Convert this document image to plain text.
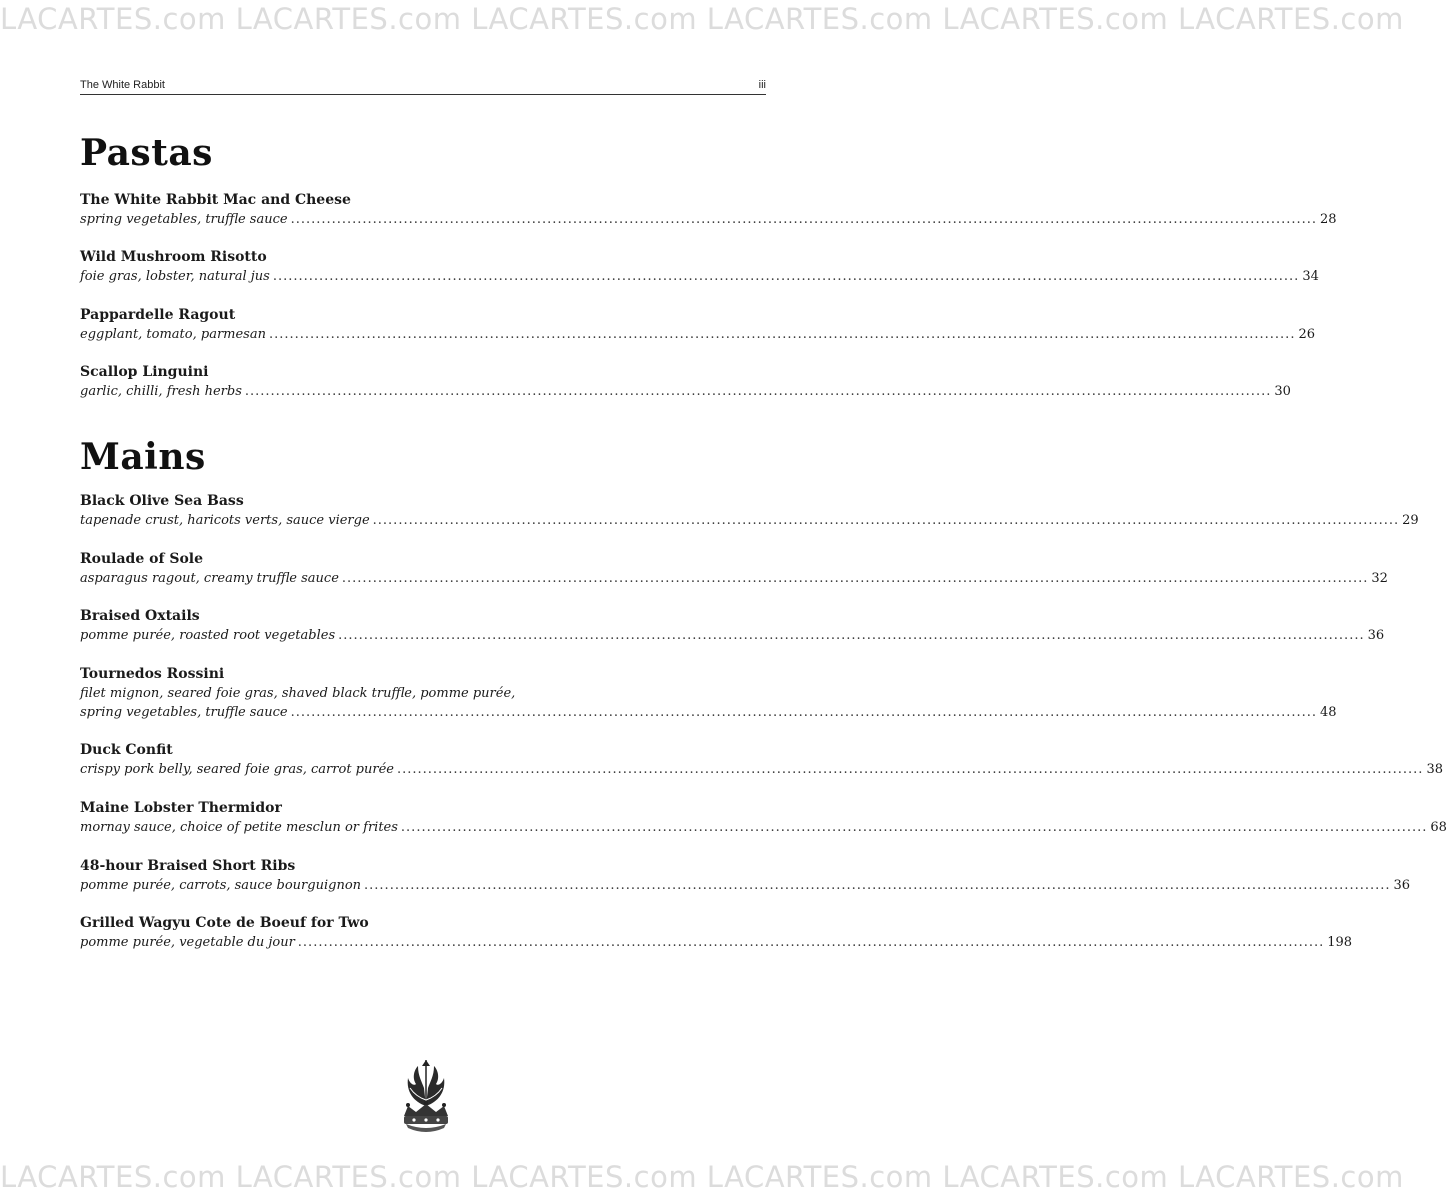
LACARTES.com LACARTES.com LACARTES.com LACARTES.com LACARTES.com LACARTES.com
LACARTES.com LACARTES.com LACARTES.com LACARTES.com LACARTES.com LACARTES.com
The White Rabbit	iii
Pastas
The White Rabbit Mac and Cheese
spring vegetables, truffle sauce ........................................................................................................................................................................................................ 28
Wild Mushroom Risotto
foie gras, lobster, natural jus ........................................................................................................................................................................................................ 34
Pappardelle Ragout
eggplant, tomato, parmesan ........................................................................................................................................................................................................ 26
Scallop Linguini
garlic, chilli, fresh herbs ........................................................................................................................................................................................................ 30
Mains
Black Olive Sea Bass
tapenade crust, haricots verts, sauce vierge ........................................................................................................................................................................................................ 29
Roulade of Sole
asparagus ragout, creamy truffle sauce ........................................................................................................................................................................................................ 32
Braised Oxtails
pomme purée, roasted root vegetables ........................................................................................................................................................................................................ 36
Tournedos Rossini
filet mignon, seared foie gras, shaved black truffle, pomme purée,
spring vegetables, truffle sauce ........................................................................................................................................................................................................ 48
Duck Confit
crispy pork belly, seared foie gras, carrot purée ........................................................................................................................................................................................................ 38
Maine Lobster Thermidor
mornay sauce, choice of petite mesclun or frites ........................................................................................................................................................................................................ 68
48-hour Braised Short Ribs
pomme purée, carrots, sauce bourguignon ........................................................................................................................................................................................................ 36
Grilled Wagyu Cote de Boeuf for Two
pomme purée, vegetable du jour ........................................................................................................................................................................................................ 198
